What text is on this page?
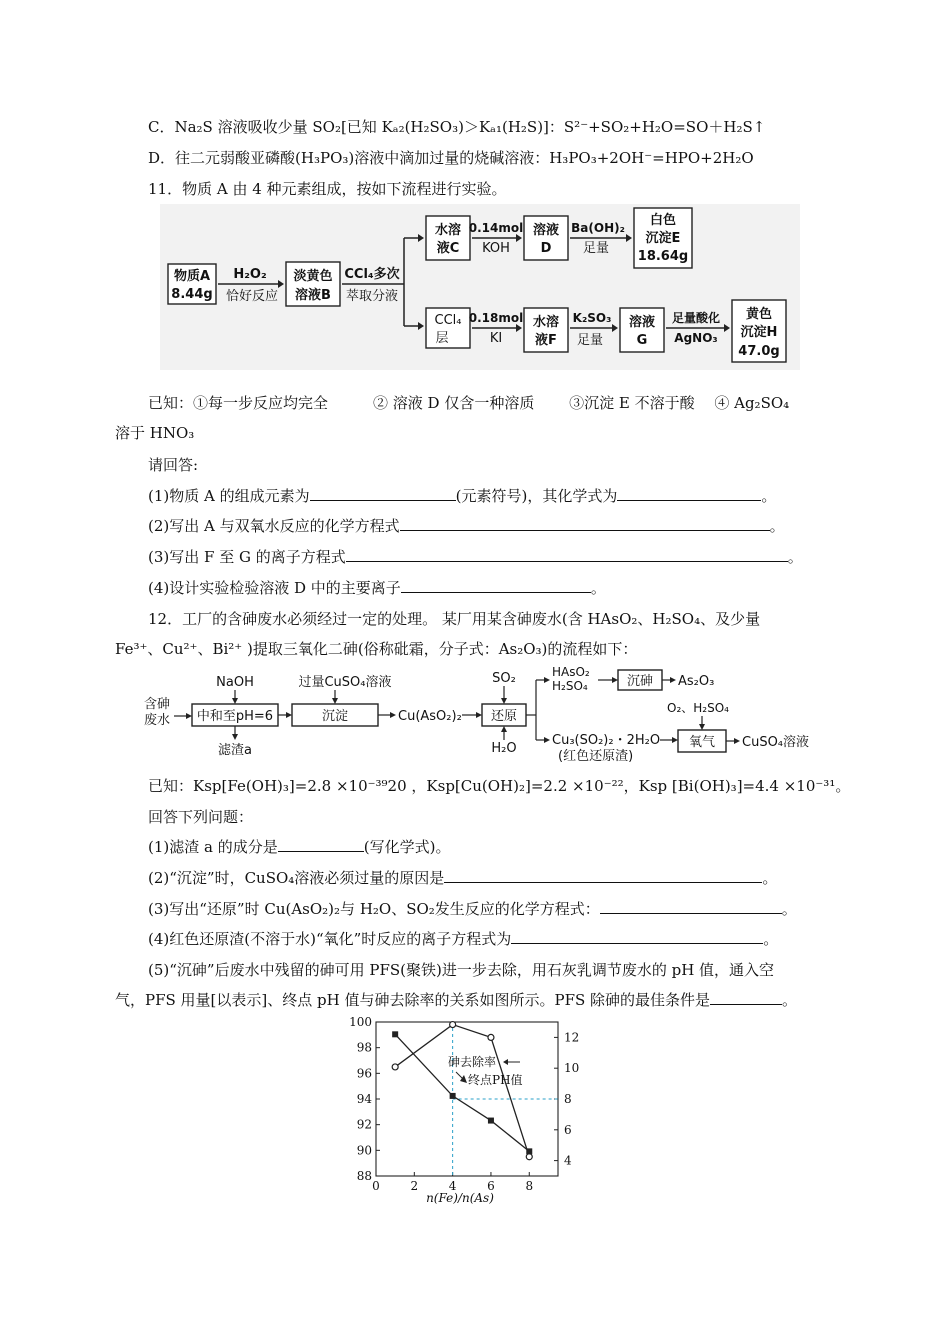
C．Na₂S 溶液吸收少量 SO₂[已知 Kₐ₂(H₂SO₃)＞Kₐ₁(H₂S)]：S²⁻+SO₂+H₂O=SO＋H₂S↑
D．往二元弱酸亚磷酸(H₃PO₃)溶液中滴加过量的烧碱溶液：H₃PO₃+2OH⁻=HPO+2H₂O
11．物质 A 由 4 种元素组成，按如下流程进行实验。
物质A
8.44g
H₂O₂
恰好反应
淡黄色
溶液B
CCl₄多次
萃取分液
水溶
液C
0.14mol
KOH
溶液
D
Ba(OH)₂
足量
白色
沉淀E
18.64g
CCl₄
层
0.18mol
KI
水溶
液F
K₂SO₃
足量
溶液
G
足量酸化
AgNO₃
黄色
沉淀H
47.0g
已知：①每一步反应均完全　　　② 溶液 D 仅含一种溶质　　 ③沉淀 E 不溶于酸　 ④ Ag₂SO₄
溶于 HNO₃
请回答:
(1)物质 A 的组成元素为	(元素符号)，其化学式为	。
(2)写出 A 与双氧水反应的化学方程式	。
(3)写出 F 至 G 的离子方程式	。
(4)设计实验检验溶液 D 中的主要离子	。
12．工厂的含砷废水必须经过一定的处理。 某厂用某含砷废水(含 HAsO₂、H₂SO₄、及少量
Fe³⁺、Cu²⁺、Bi²⁺ )提取三氧化二砷(俗称砒霜，分子式：As₂O₃)的流程如下：
含砷
废水 中和至pH=6
NaOH
滤渣a
沉淀
过量CuSO₄溶液
Cu(AsO₂)₂ 还原
SO₂
H₂O
HAsO₂
H₂SO₄	沉砷 As₂O₃
Cu₃(SO₂)₂・2H₂O
(红色还原渣)
氧气
O₂、H₂SO₄
CuSO₄溶液
已知：Ksp[Fe(OH)₃]=2.8 ×10⁻³⁹20 ，Ksp[Cu(OH)₂]=2.2 ×10⁻²²，Ksp [Bi(OH)₃]=4.4 ×10⁻³¹。
回答下列问题：
(1)滤渣 a 的成分是	(写化学式)。
(2)“沉淀”时，CuSO₄溶液必须过量的原因是	。
(3)写出“还原”时 Cu(AsO₂)₂与 H₂O、SO₂发生反应的化学方程式：	。
(4)红色还原渣(不溶于水)“氧化”时反应的离子方程式为	。
(5)“沉砷”后废水中残留的砷可用 PFS(聚铁)进一步去除，用石灰乳调节废水的 pH 值，通入空
气，PFS 用量[以表示]、终点 pH 值与砷去除率的关系如图所示。PFS 除砷的最佳条件是	。
0	2	4	6	8
88
90
92
94
96
98
100
4
6
8
10
12
砷去除率
终点PH值
n(Fe)/n(As)
